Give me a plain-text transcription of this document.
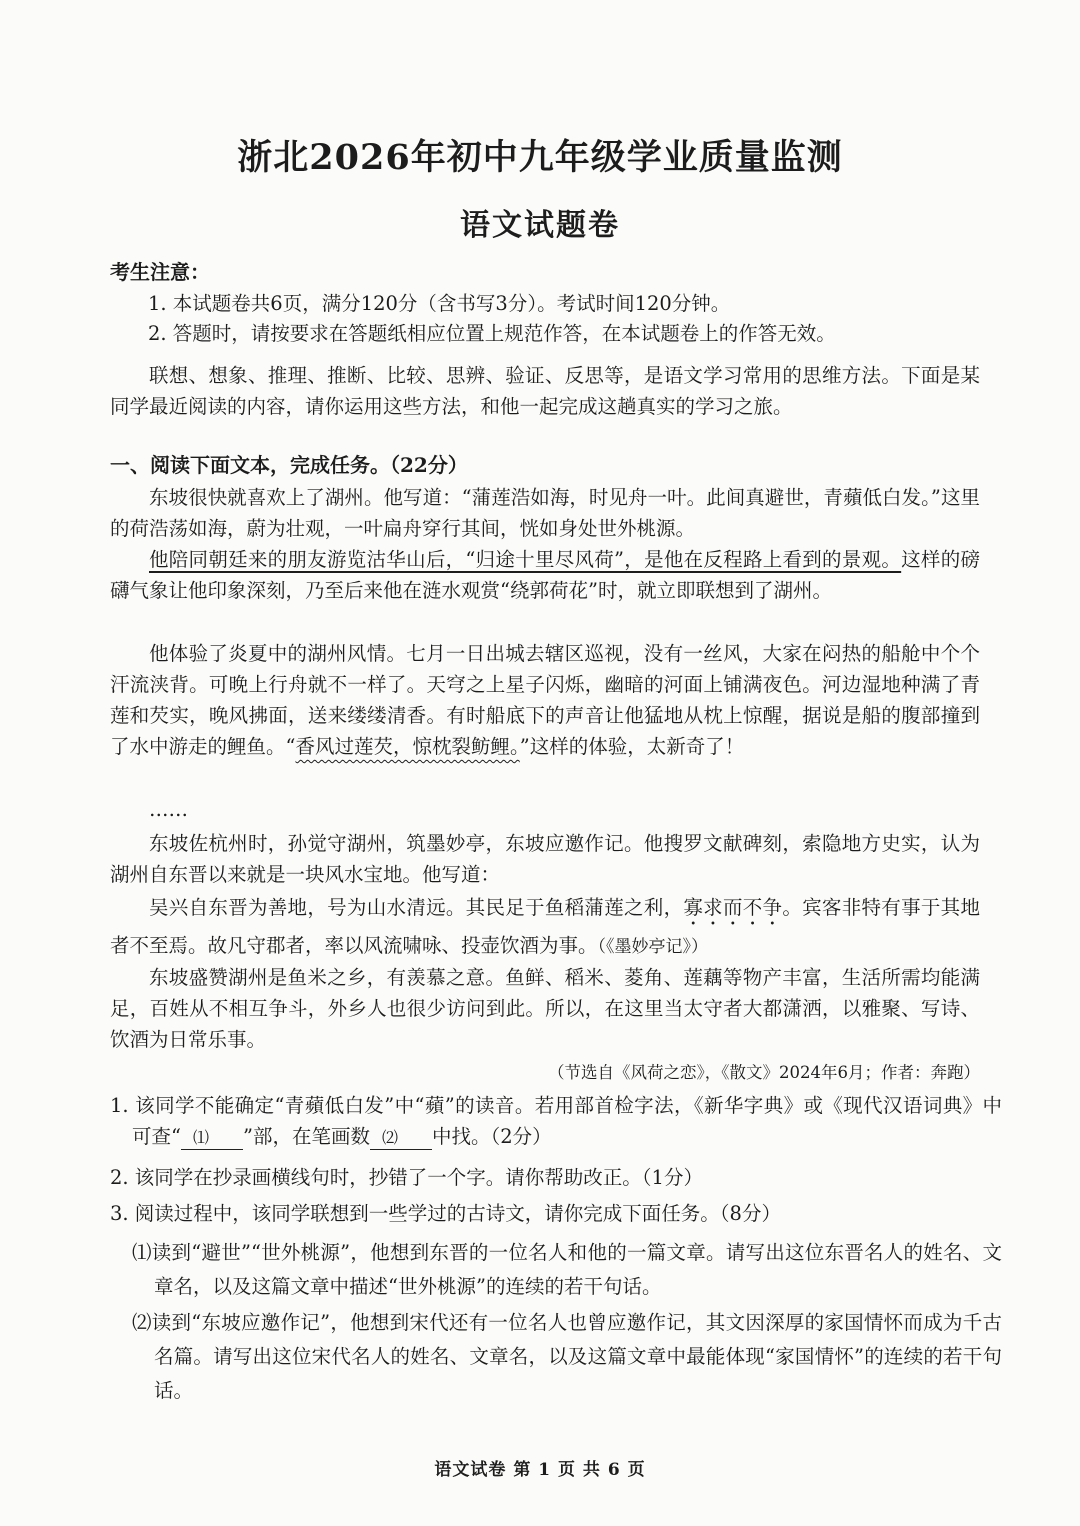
浙北2026年初中九年级学业质量监测
语文试题卷

考生注意：

1. 本试题卷共6页，满分120分（含书写3分）。考试时间120分钟。

2. 答题时，请按要求在答题纸相应位置上规范作答，在本试题卷上的作答无效。

联想、想象、推理、推断、比较、思辨、验证、反思等，是语文学习常用的思维方法。下面是某同学最近阅读的内容，请你运用这些方法，和他一起完成这趟真实的学习之旅。

一、阅读下面文本，完成任务。（22分）

东坡很快就喜欢上了湖州。他写道：“蒲莲浩如海，时见舟一叶。此间真避世，青蘋低白发。”这里的荷浩荡如海，蔚为壮观，一叶扁舟穿行其间，恍如身处世外桃源。

他陪同朝廷来的朋友游览沽华山后，“归途十里尽风荷”，是他在反程路上看到的景观。这样的磅礴气象让他印象深刻，乃至后来他在涟水观赏“绕郭荷花”时，就立即联想到了湖州。

他体验了炎夏中的湖州风情。七月一日出城去辖区巡视，没有一丝风，大家在闷热的船舱中个个汗流浃背。可晚上行舟就不一样了。天穹之上星子闪烁，幽暗的河面上铺满夜色。河边湿地种满了青莲和芡实，晚风拂面，送来缕缕清香。有时船底下的声音让他猛地从枕上惊醒，据说是船的腹部撞到了水中游走的鲤鱼。“香风过莲芡，惊枕裂鲂鲤。”这样的体验，太新奇了！

……

东坡佐杭州时，孙觉守湖州，筑墨妙亭，东坡应邀作记。他搜罗文献碑刻，索隐地方史实，认为湖州自东晋以来就是一块风水宝地。他写道：

吴兴自东晋为善地，号为山水清远。其民足于鱼稻蒲莲之利，寡求而不争。宾客非特有事于其地者不至焉。故凡守郡者，率以风流啸咏、投壶饮酒为事。（《墨妙亭记》）

东坡盛赞湖州是鱼米之乡，有羡慕之意。鱼鲜、稻米、菱角、莲藕等物产丰富，生活所需均能满足，百姓从不相互争斗，外乡人也很少访问到此。所以，在这里当太守者大都潇洒，以雅聚、写诗、饮酒为日常乐事。

（节选自《风荷之恋》，《散文》2024年6月；作者：奔跑）

1. 该同学不能确定“青蘋低白发”中“蘋”的读音。若用部首检字法，《新华字典》或《现代汉语词典》中可查“ ⑴ ”部，在笔画数 ⑵ 中找。（2分）

2. 该同学在抄录画横线句时，抄错了一个字。请你帮助改正。（1分）

3. 阅读过程中，该同学联想到一些学过的古诗文，请你完成下面任务。（8分）

⑴读到“避世”“世外桃源”，他想到东晋的一位名人和他的一篇文章。请写出这位东晋名人的姓名、文章名，以及这篇文章中描述“世外桃源”的连续的若干句话。

⑵读到“东坡应邀作记”，他想到宋代还有一位名人也曾应邀作记，其文因深厚的家国情怀而成为千古名篇。请写出这位宋代名人的姓名、文章名，以及这篇文章中最能体现“家国情怀”的连续的若干句话。

语文试卷 第 1 页 共 6 页
